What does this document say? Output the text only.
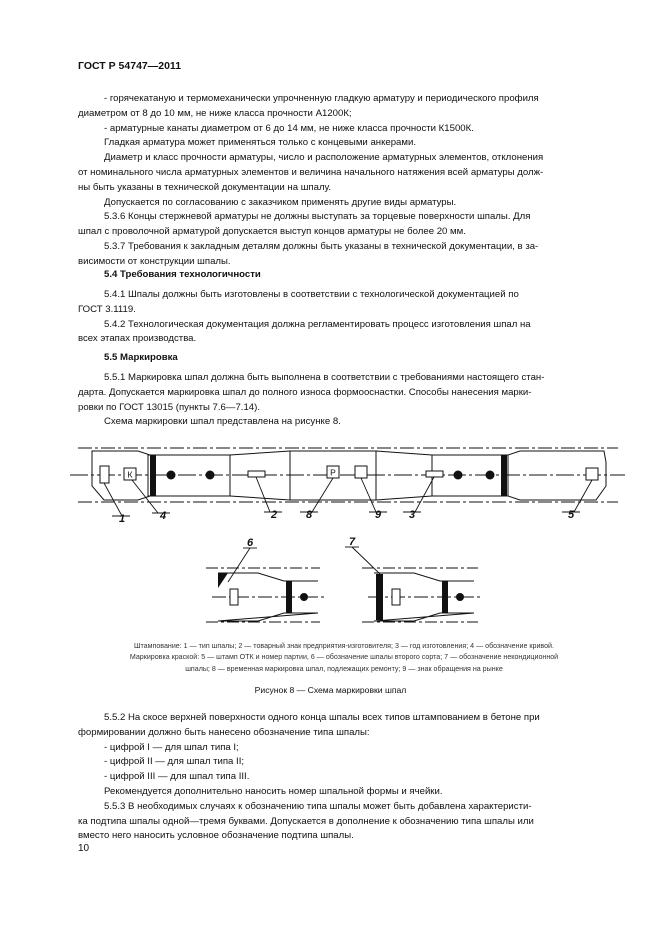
ГОСТ Р 54747—2011
- горячекатаную и термомеханически упрочненную гладкую арматуру и периодического профиля
диаметром от 8 до 10 мм, не ниже класса прочности А1200К;
- арматурные канаты диаметром от 6 до 14 мм, не ниже класса прочности К1500К.
Гладкая арматура может применяться только с концевыми анкерами.
Диаметр и класс прочности арматуры, число и расположение арматурных элементов, отклонения
от номинального числа арматурных элементов и величина начального натяжения всей арматуры долж-
ны быть указаны в технической документации на шпалу.
Допускается по согласованию с заказчиком применять другие виды арматуры.
5.3.6 Концы стержневой арматуры не должны выступать за торцевые поверхности шпалы. Для
шпал с проволочной арматурой допускается выступ концов арматуры не более 20 мм.
5.3.7 Требования к закладным деталям должны быть указаны в технической документации, в за-
висимости от конструкции шпалы.
5.4 Требования технологичности
5.4.1 Шпалы должны быть изготовлены в соответствии с технологической документацией по
ГОСТ 3.1119.
5.4.2 Технологическая документация должна регламентировать процесс изготовления шпал на
всех этапах производства.
5.5 Маркировка
5.5.1 Маркировка шпал должна быть выполнена в соответствии с требованиями настоящего стан-
дарта. Допускается маркировка шпал до полного износа формооснастки. Способы нанесения марки-
ровки по ГОСТ 13015 (пункты 7.6—7.14).
Схема маркировки шпал представлена на рисунке 8.
К	Р
1	4	2	8	9	3	5
6	7
Штампование: 1 — тип шпалы; 2 — товарный знак предприятия-изготовителя; 3 — год изготовления; 4 — обозначение кривой.
Маркировка краской: 5 — штамп ОТК и номер партии, 6 — обозначение шпалы второго сорта; 7 — обозначение некондиционной
шпалы; 8 — временная маркировка шпал, подлежащих ремонту; 9 — знак обращения на рынке
Рисунок 8 — Схема маркировки шпал
5.5.2 На скосе верхней поверхности одного конца шпалы всех типов штампованием в бетоне при
формировании должно быть нанесено обозначение типа шпалы:
- цифрой I — для шпал типа I;
- цифрой II — для шпал типа II;
- цифрой III — для шпал типа III.
Рекомендуется дополнительно наносить номер шпальной формы и ячейки.
5.5.3 В необходимых случаях к обозначению типа шпалы может быть добавлена характеристи-
ка подтипа шпалы одной—тремя буквами. Допускается в дополнение к обозначению типа шпалы или
вместо него наносить условное обозначение подтипа шпалы.
10
